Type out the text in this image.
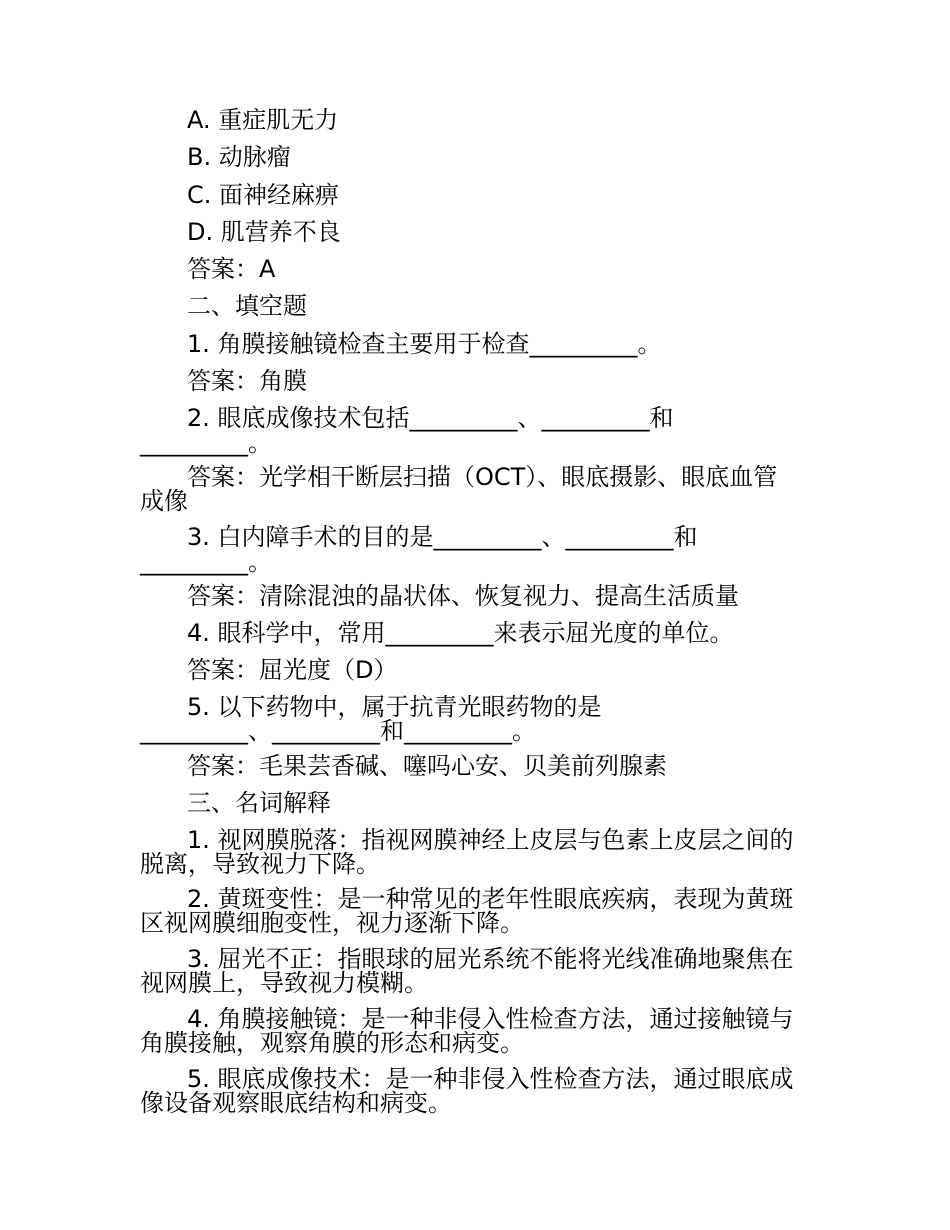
A. 重症肌无力
B. 动脉瘤
C. 面神经麻痹
D. 肌营养不良
答案：A
二、填空题
1. 角膜接触镜检查主要用于检查_________。
答案：角膜
2. 眼底成像技术包括_________、_________和
_________。
答案：光学相干断层扫描（OCT）、眼底摄影、眼底血管
成像
3. 白内障手术的目的是_________、_________和
_________。
答案：清除混浊的晶状体、恢复视力、提高生活质量
4. 眼科学中，常用_________来表示屈光度的单位。
答案：屈光度（D）
5. 以下药物中，属于抗青光眼药物的是
_________、_________和_________。
答案：毛果芸香碱、噻吗心安、贝美前列腺素
三、名词解释
1. 视网膜脱落：指视网膜神经上皮层与色素上皮层之间的
脱离，导致视力下降。
2. 黄斑变性：是一种常见的老年性眼底疾病，表现为黄斑
区视网膜细胞变性，视力逐渐下降。
3. 屈光不正：指眼球的屈光系统不能将光线准确地聚焦在
视网膜上，导致视力模糊。
4. 角膜接触镜：是一种非侵入性检查方法，通过接触镜与
角膜接触，观察角膜的形态和病变。
5. 眼底成像技术：是一种非侵入性检查方法，通过眼底成
像设备观察眼底结构和病变。
